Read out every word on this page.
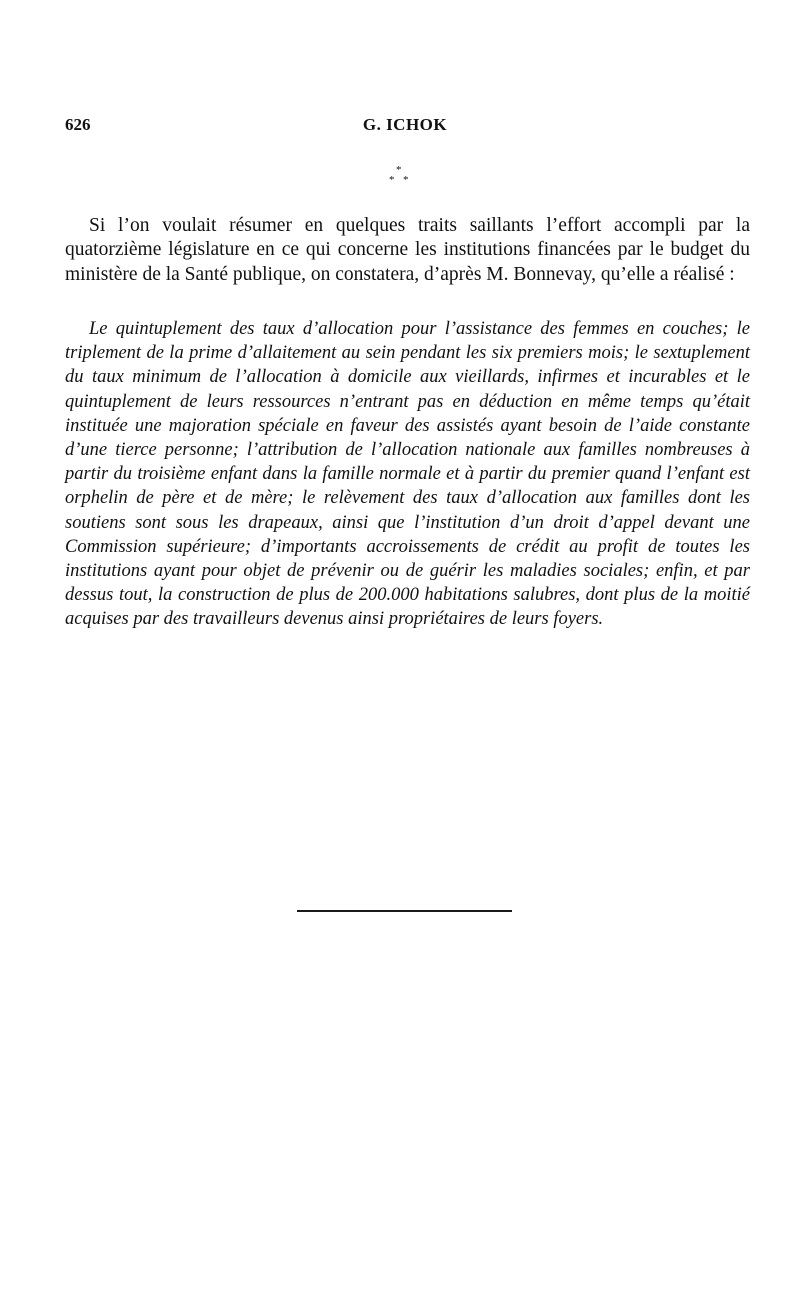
626	G. ICHOK
*
* *

Si l’on voulait résumer en quelques traits saillants l’effort accompli par la quatorzième législature en ce qui concerne les institutions financées par le budget du ministère de la Santé publique, on constatera, d’après M. Bonnevay, qu’elle a réalisé :

Le quintuplement des taux d’allocation pour l’assistance des femmes en couches; le triplement de la prime d’allaitement au sein pendant les six premiers mois; le sextuplement du taux minimum de l’allocation à domicile aux vieillards, infirmes et incurables et le quintuplement de leurs ressources n’entrant pas en déduction en même temps qu’était instituée une majoration spéciale en faveur des assistés ayant besoin de l’aide constante d’une tierce personne; l’attribution de l’allocation nationale aux familles nombreuses à partir du troisième enfant dans la famille normale et à partir du premier quand l’enfant est orphelin de père et de mère; le relèvement des taux d’allocation aux familles dont les soutiens sont sous les drapeaux, ainsi que l’institution d’un droit d’appel devant une Commission supérieure; d’importants accroissements de crédit au profit de toutes les institutions ayant pour objet de prévenir ou de guérir les maladies sociales; enfin, et par dessus tout, la construction de plus de 200.000 habitations salubres, dont plus de la moitié acquises par des travailleurs devenus ainsi propriétaires de leurs foyers.
